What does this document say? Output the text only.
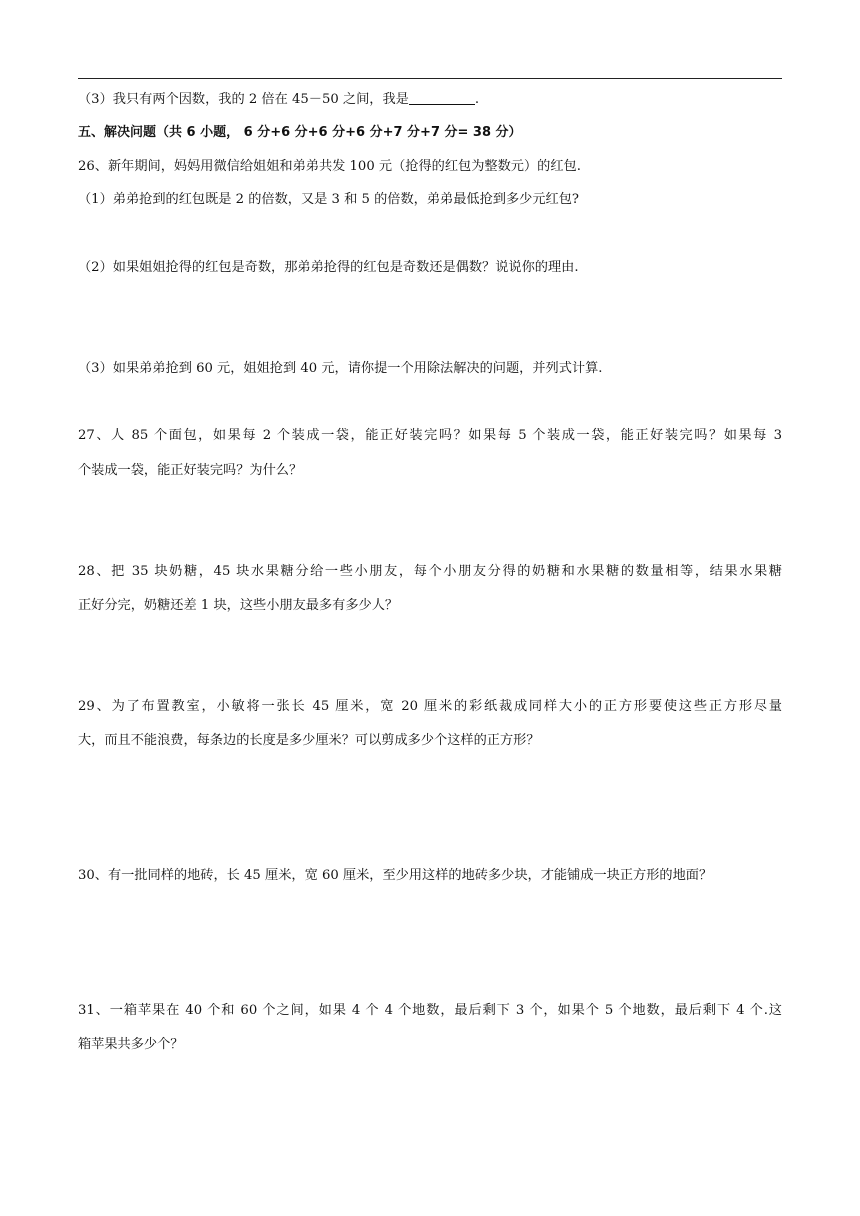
（3）我只有两个因数，我的 2 倍在 45－50 之间，我是	.
五、解决问题（共 6 小题， 6 分+6 分+6 分+6 分+7 分+7 分= 38 分）
26、新年期间，妈妈用微信给姐姐和弟弟共发 100 元（抢得的红包为整数元）的红包.
（1）弟弟抢到的红包既是 2 的倍数，又是 3 和 5 的倍数，弟弟最低抢到多少元红包?
（2）如果姐姐抢得的红包是奇数，那弟弟抢得的红包是奇数还是偶数？说说你的理由.
（3）如果弟弟抢到 60 元，姐姐抢到 40 元，请你提一个用除法解决的问题，并列式计算.
27、人 85 个面包，如果每 2 个装成一袋，能正好装完吗？如果每 5 个装成一袋，能正好装完吗？如果每 3
个装成一袋，能正好装完吗？为什么？
28、把 35 块奶糖，45 块水果糖分给一些小朋友，每个小朋友分得的奶糖和水果糖的数量相等，结果水果糖
正好分完，奶糖还差 1 块，这些小朋友最多有多少人？
29、为了布置教室，小敏将一张长 45 厘米，宽 20 厘米的彩纸裁成同样大小的正方形要使这些正方形尽量
大，而且不能浪费，每条边的长度是多少厘米？可以剪成多少个这样的正方形？
30、有一批同样的地砖，长 45 厘米，宽 60 厘米，至少用这样的地砖多少块，才能铺成一块正方形的地面？
31、一箱苹果在 40 个和 60 个之间，如果 4 个 4 个地数，最后剩下 3 个，如果个 5 个地数，最后剩下 4 个.这
箱苹果共多少个？
